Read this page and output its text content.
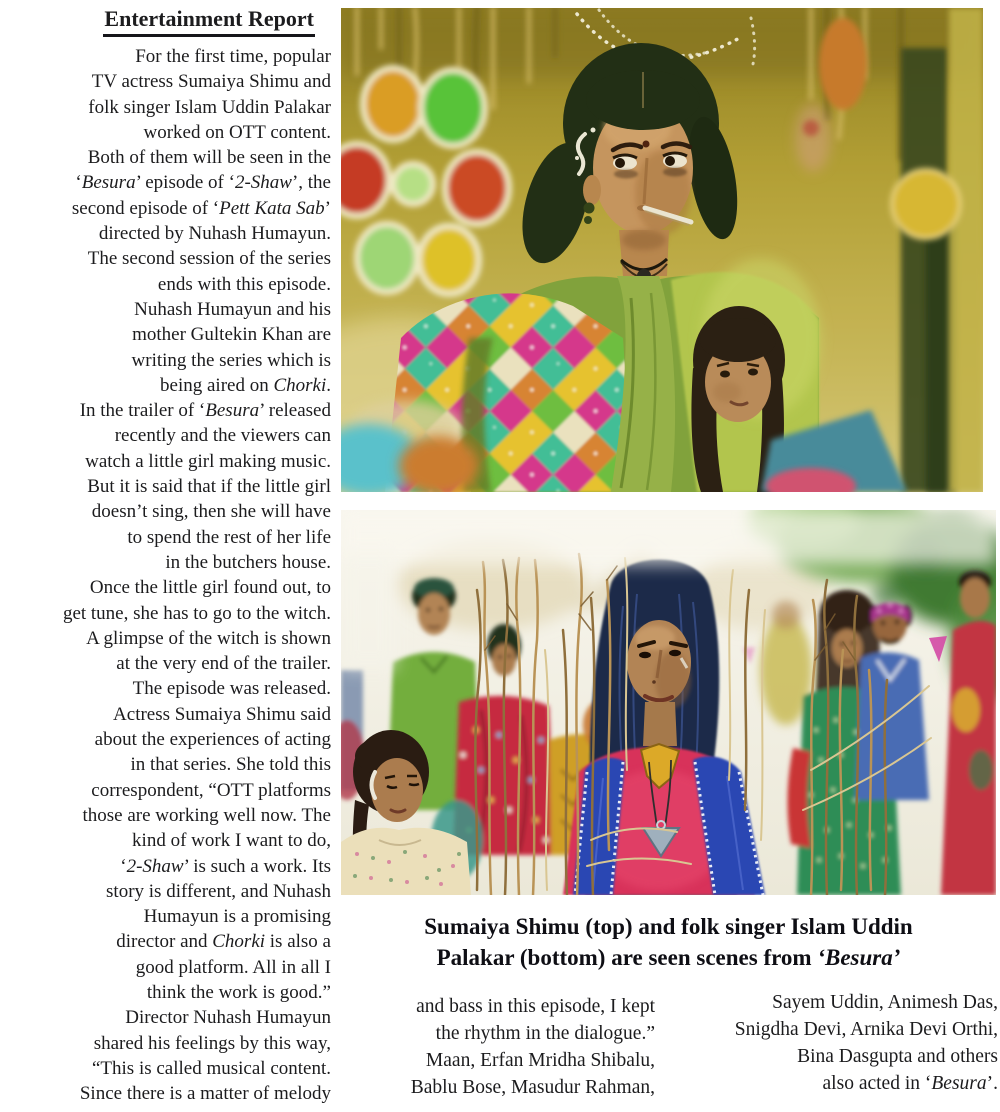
Entertainment Report
For the first time, popular
TV actress Sumaiya Shimu and
folk singer Islam Uddin Palakar
worked on OTT content.
Both of them will be seen in the
‘Besura’ episode of ‘2-Shaw’, the
second episode of ‘Pett Kata Sab’
directed by Nuhash Humayun.
The second session of the series
ends with this episode.
Nuhash Humayun and his
mother Gultekin Khan are
writing the series which is
being aired on Chorki.
In the trailer of ‘Besura’ released
recently and the viewers can
watch a little girl making music.
But it is said that if the little girl
doesn’t sing, then she will have
to spend the rest of her life
in the butchers house.
Once the little girl found out, to
get tune, she has to go to the witch.
A glimpse of the witch is shown
at the very end of the trailer.
The episode was released.
Actress Sumaiya Shimu said
about the experiences of acting
in that series. She told this
correspondent, “OTT platforms
those are working well now. The
kind of work I want to do,
‘2-Shaw’ is such a work. Its
story is different, and Nuhash
Humayun is a promising
director and Chorki is also a
good platform. All in all I
think the work is good.”
Director Nuhash Humayun
shared his feelings by this way,
“This is called musical content.
Since there is a matter of melody
Sumaiya Shimu (top) and folk singer Islam Uddin
Palakar (bottom) are seen scenes from ‘Besura’
and bass in this episode, I kept
the rhythm in the dialogue.”
Maan, Erfan Mridha Shibalu,
Bablu Bose, Masudur Rahman,
Sayem Uddin, Animesh Das,
Snigdha Devi, Arnika Devi Orthi,
Bina Dasgupta and others
also acted in ‘Besura’.
